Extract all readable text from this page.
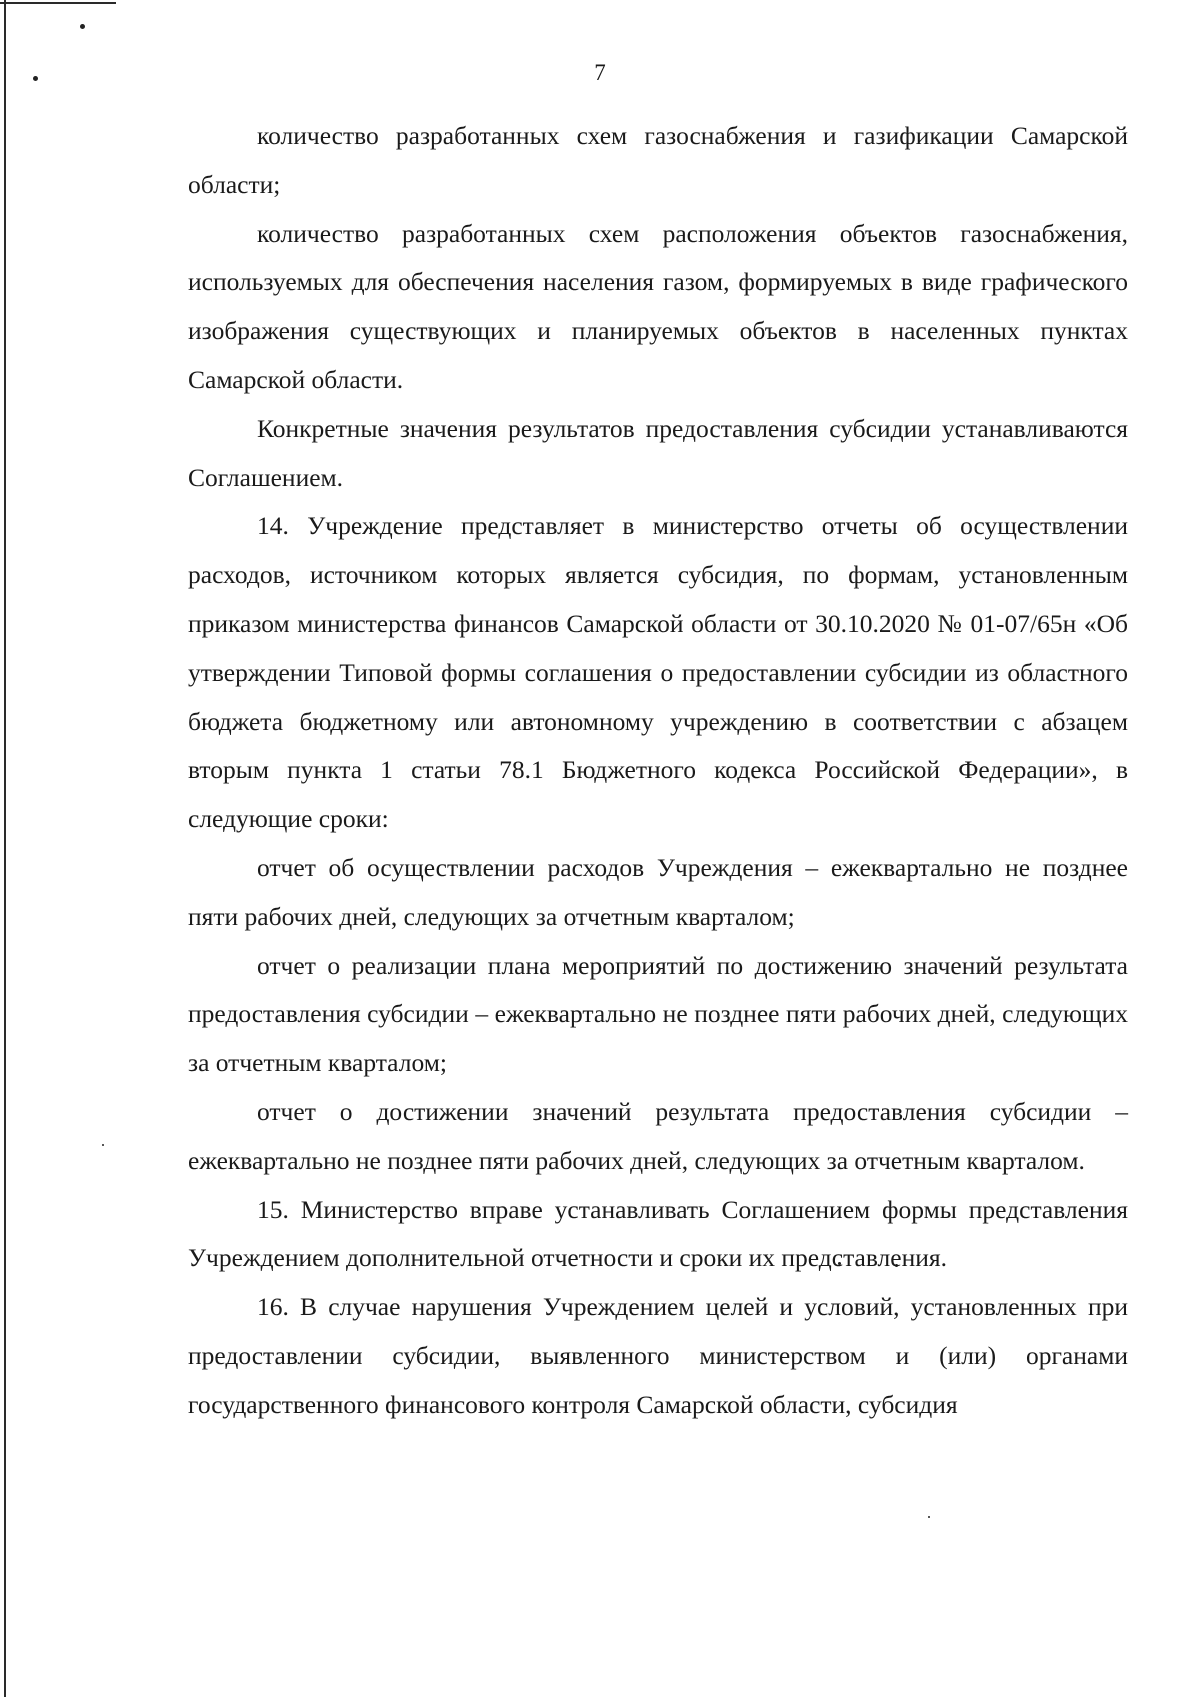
7

количество разработанных схем газоснабжения и газификации Самарской области;

количество разработанных схем расположения объектов газоснабжения, используемых для обеспечения населения газом, формируемых в виде графического изображения существующих и планируемых объектов в населенных пунктах Самарской области.

Конкретные значения результатов предоставления субсидии устанавливаются Соглашением.

14. Учреждение представляет в министерство отчеты об осуществлении расходов, источником которых является субсидия, по формам, установленным приказом министерства финансов Самарской области от 30.10.2020 № 01-07/65н «Об утверждении Типовой формы соглашения о предоставлении субсидии из областного бюджета бюджетному или автономному учреждению в соответствии с абзацем вторым пункта 1 статьи 78.1 Бюджетного кодекса Российской Федерации», в следующие сроки:

отчет об осуществлении расходов Учреждения – ежеквартально не позднее пяти рабочих дней, следующих за отчетным кварталом;

отчет о реализации плана мероприятий по достижению значений результата предоставления субсидии – ежеквартально не позднее пяти рабочих дней, следующих за отчетным кварталом;

отчет о достижении значений результата предоставления субсидии – ежеквартально не позднее пяти рабочих дней, следующих за отчетным кварталом.

15. Министерство вправе устанавливать Соглашением формы представления Учреждением дополнительной отчетности и сроки их представления.

16. В случае нарушения Учреждением целей и условий, установленных при предоставлении субсидии, выявленного министерством и (или) органами государственного финансового контроля Самарской области, субсидия
